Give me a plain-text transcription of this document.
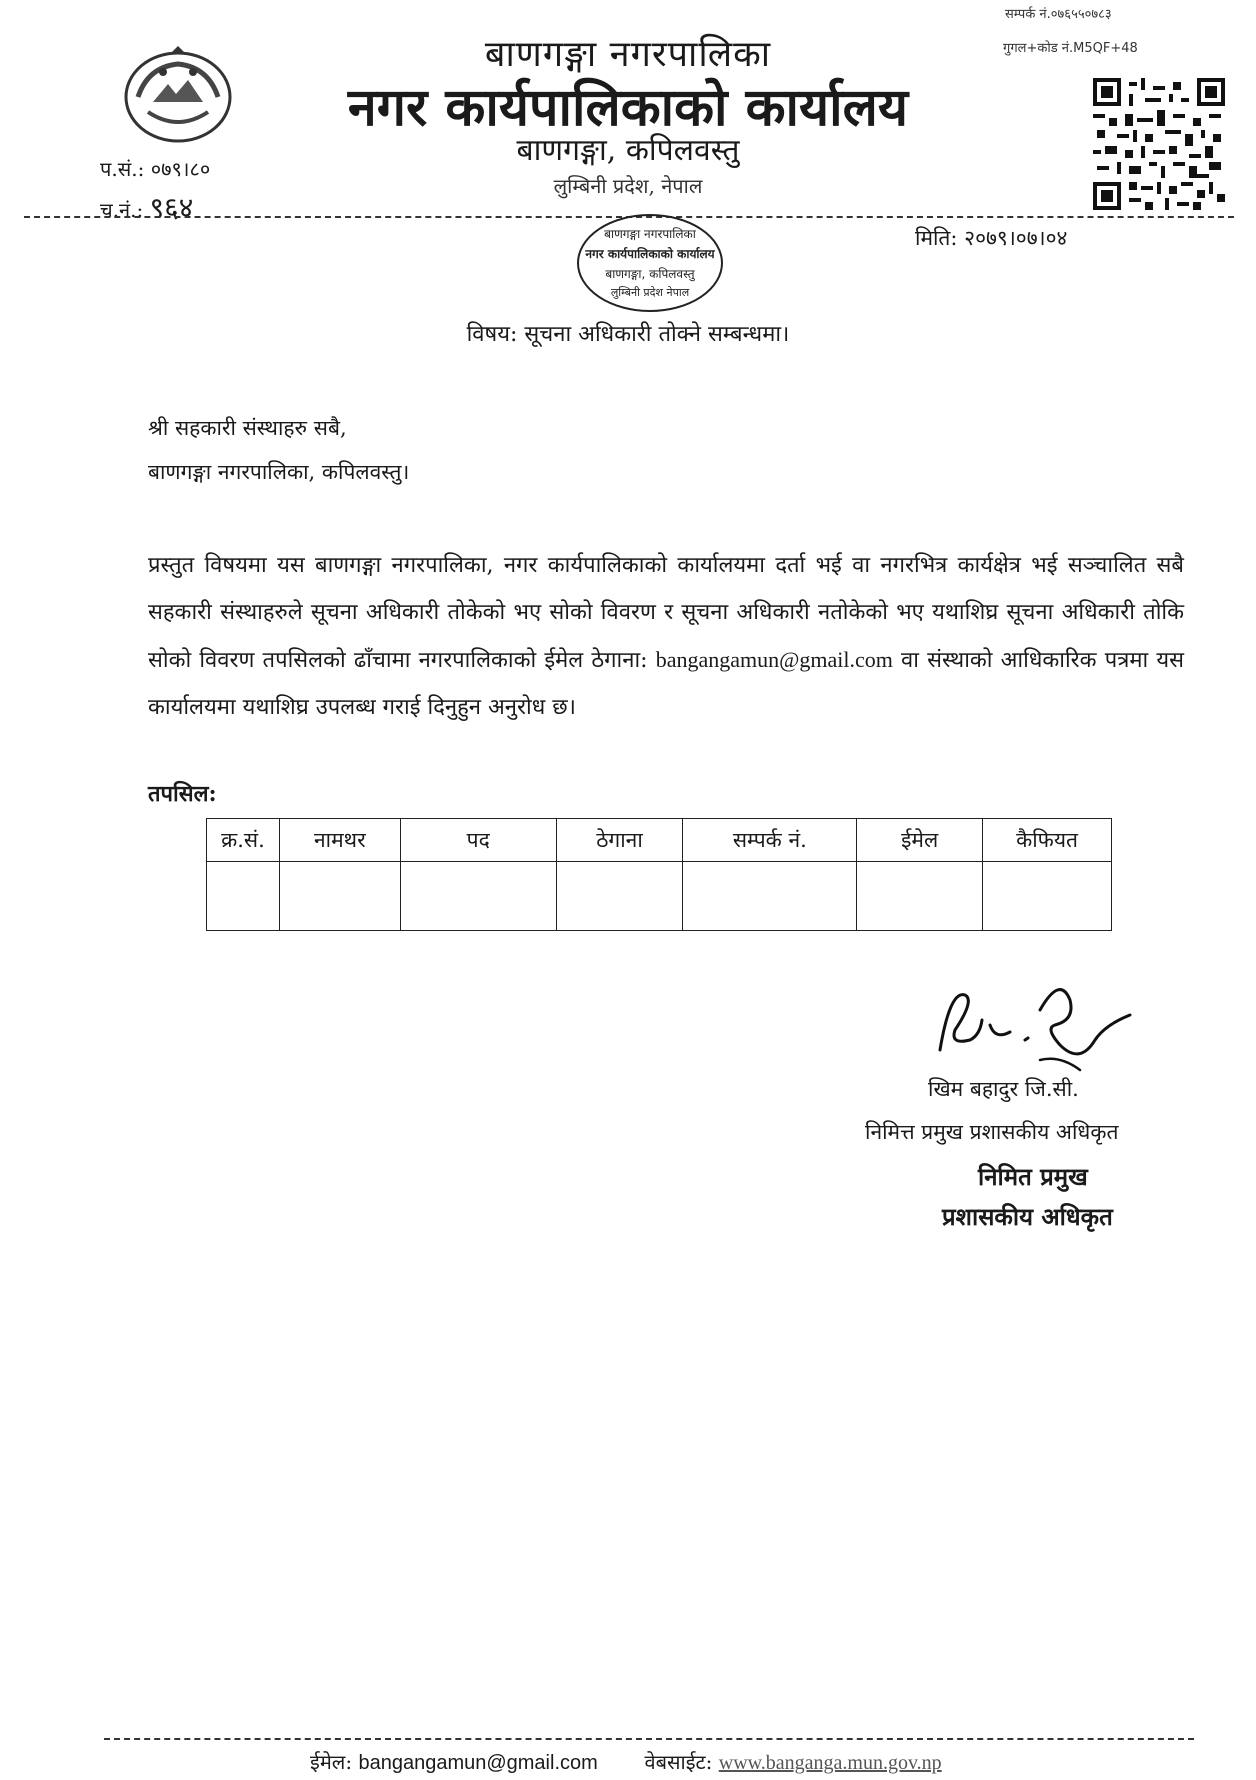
सम्पर्क नं.०७६५५०७८३
गुगल+कोड नं.M5QF+48
बाणगङ्गा नगरपालिका
नगर कार्यपालिकाको कार्यालय
बाणगङ्गा, कपिलवस्तु
लुम्बिनी प्रदेश, नेपाल
प.सं.: ०७९।८०
च.नं.: ९६४
मिति: २०७९।०७।०४
बाणगङ्गा नगरपालिका
नगर कार्यपालिकाको कार्यालय
बाणगङ्गा, कपिलवस्तु
लुम्बिनी प्रदेश नेपाल
विषय: सूचना अधिकारी तोक्ने सम्बन्धमा।
श्री सहकारी संस्थाहरु सबै,
बाणगङ्गा नगरपालिका, कपिलवस्तु।
प्रस्तुत विषयमा यस बाणगङ्गा नगरपालिका, नगर कार्यपालिकाको कार्यालयमा दर्ता भई वा नगरभित्र कार्यक्षेत्र भई सञ्चालित सबै सहकारी संस्थाहरुले सूचना अधिकारी तोकेको भए सोको विवरण र सूचना अधिकारी नतोकेको भए यथाशिघ्र सूचना अधिकारी तोकि सोको विवरण तपसिलको ढाँचामा नगरपालिकाको ईमेल ठेगाना: bangangamun@gmail.com वा संस्थाको आधिकारिक पत्रमा यस कार्यालयमा यथाशिघ्र उपलब्ध गराई दिनुहुन अनुरोध छ।
तपसिल:
क्र.सं.	नामथर	पद	ठेगाना	सम्पर्क नं.	ईमेल	कैफियत

खिम बहादुर जि.सी.
निमित्त प्रमुख प्रशासकीय अधिकृत
निमित प्रमुख
प्रशासकीय अधिकृत
ईमेल: bangangamun@gmail.com वेबसाईट: www.banganga.mun.gov.np
